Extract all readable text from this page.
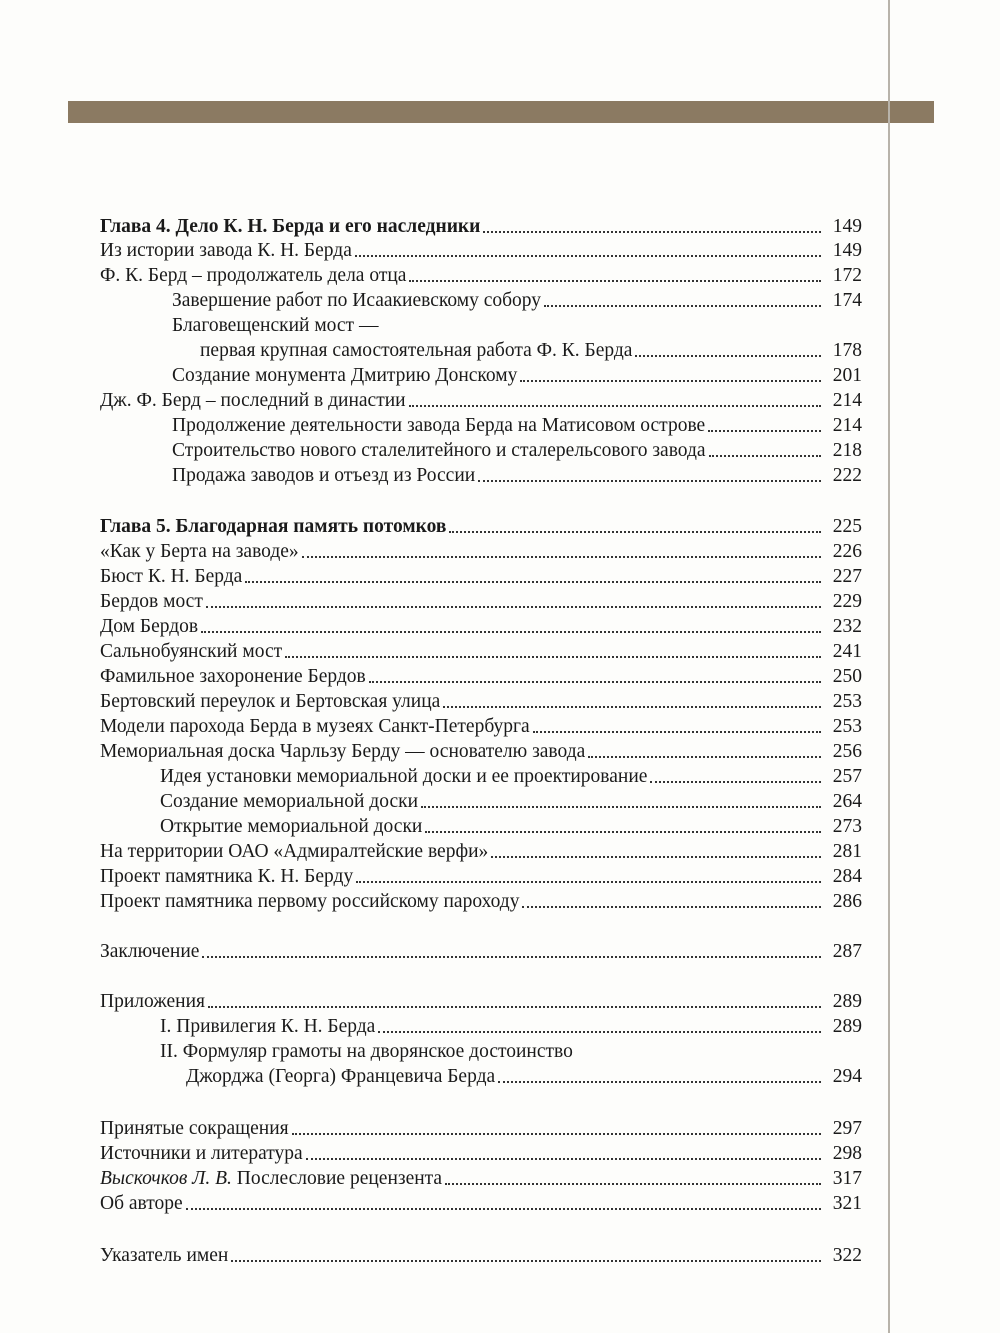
Глава 4. Дело К. Н. Берда и его наследники	149
Из истории завода К. Н. Берда	149
Ф. К. Берд – продолжатель дела отца	172
Завершение работ по Исаакиевскому собору	174
Благовещенский мост —
первая крупная самостоятельная работа Ф. К. Берда	178
Создание монумента Дмитрию Донскому	201
Дж. Ф. Берд – последний в династии	214
Продолжение деятельности завода Берда на Матисовом острове	214
Строительство нового сталелитейного и сталерельсового завода	218
Продажа заводов и отъезд из России	222
Глава 5. Благодарная память потомков	225
«Как у Берта на заводе»	226
Бюст К. Н. Берда	227
Бердов мост	229
Дом Бердов	232
Сальнобуянский мост	241
Фамильное захоронение Бердов	250
Бертовский переулок и Бертовская улица	253
Модели парохода Берда в музеях Санкт-Петербурга	253
Мемориальная доска Чарльзу Берду — основателю завода	256
Идея установки мемориальной доски и ее проектирование	257
Создание мемориальной доски	264
Открытие мемориальной доски	273
На территории ОАО «Адмиралтейские верфи»	281
Проект памятника К. Н. Берду	284
Проект памятника первому российскому пароходу	286
Заключение	287
Приложения	289
I. Привилегия К. Н. Берда	289
II. Формуляр грамоты на дворянское достоинство
Джорджа (Георга) Францевича Берда	294
Принятые сокращения	297
Источники и литература	298
Выскочков Л. В. Послесловие рецензента	317
Об авторе	321
Указатель имен	322
